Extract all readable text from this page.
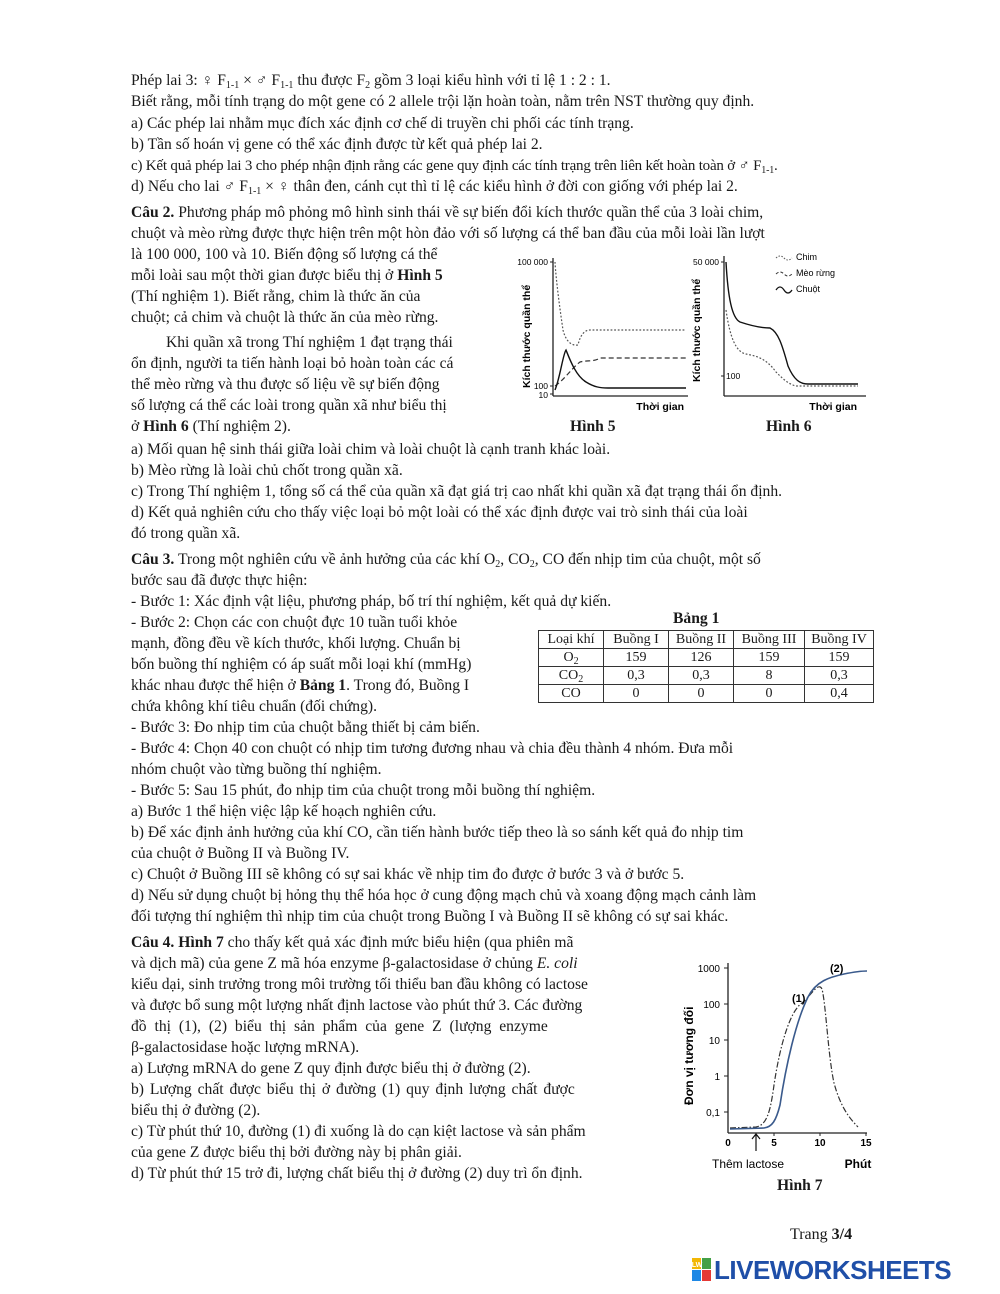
Phép lai 3: ♀ $F_{1-1}$ × ♂ $F_{1-1}$ thu được $F_2$ gồm 3 loại kiểu hình với tỉ lệ 1 : 2 : 1.
Biết rằng, mỗi tính trạng do một gene có 2 allele trội lặn hoàn toàn, nằm trên NST thường quy định.
a) Các phép lai nhằm mục đích xác định cơ chế di truyền chi phối các tính trạng.
b) Tần số hoán vị gene có thể xác định được từ kết quả phép lai 2.
c) Kết quả phép lai 3 cho phép nhận định rằng các gene quy định các tính trạng trên liên kết hoàn toàn ở ♂ $F_{1-1}$.
d) Nếu cho lai ♂ $F_{1-1}$ × ♀ thân đen, cánh cụt thì tỉ lệ các kiểu hình ở đời con giống với phép lai 2.
Câu 2. Phương pháp mô phỏng mô hình sinh thái về sự biến đổi kích thước quần thể của 3 loài chim,
chuột và mèo rừng được thực hiện trên một hòn đảo với số lượng cá thể ban đầu của mỗi loài lần lượt
là 100 000, 100 và 10. Biến động số lượng cá thể
mỗi loài sau một thời gian được biểu thị ở Hình 5
(Thí nghiệm 1). Biết rằng, chim là thức ăn của
chuột; cả chim và chuột là thức ăn của mèo rừng.
Khi quần xã trong Thí nghiệm 1 đạt trạng thái
ổn định, người ta tiến hành loại bỏ hoàn toàn các cá
thể mèo rừng và thu được số liệu về sự biến động
số lượng cá thể các loài trong quần xã như biểu thị
ở Hình 6 (Thí nghiệm 2).
100 000
100
10
Kích thước quần thể
Thời gian
Hình 5
50 000
100
Kích thước quần thể
Thời gian
Chim
Mèo rừng
Chuột
Hình 6
a) Mối quan hệ sinh thái giữa loài chim và loài chuột là cạnh tranh khác loài.
b) Mèo rừng là loài chủ chốt trong quần xã.
c) Trong Thí nghiệm 1, tổng số cá thể của quần xã đạt giá trị cao nhất khi quần xã đạt trạng thái ổn định.
d) Kết quả nghiên cứu cho thấy việc loại bỏ một loài có thể xác định được vai trò sinh thái của loài
đó trong quần xã.
Câu 3. Trong một nghiên cứu về ảnh hưởng của các khí $O_2$, $CO_2$, CO đến nhịp tim của chuột, một số
bước sau đã được thực hiện:
- Bước 1: Xác định vật liệu, phương pháp, bố trí thí nghiệm, kết quả dự kiến.
- Bước 2: Chọn các con chuột đực 10 tuần tuổi khỏe
mạnh, đồng đều về kích thước, khối lượng. Chuẩn bị
bốn buồng thí nghiệm có áp suất mỗi loại khí (mmHg)
khác nhau được thể hiện ở Bảng 1. Trong đó, Buồng I
chứa không khí tiêu chuẩn (đối chứng).
Bảng 1
Loại khí	Buồng I	Buồng II	Buồng III	Buồng IV
$O_2$	159	126	159	159
$CO_2$	0,3	0,3	8	0,3
CO	0	0	0	0,4
- Bước 3: Đo nhịp tim của chuột bằng thiết bị cảm biến.
- Bước 4: Chọn 40 con chuột có nhịp tim tương đương nhau và chia đều thành 4 nhóm. Đưa mỗi
nhóm chuột vào từng buồng thí nghiệm.
- Bước 5: Sau 15 phút, đo nhịp tim của chuột trong mỗi buồng thí nghiệm.
a) Bước 1 thể hiện việc lập kế hoạch nghiên cứu.
b) Để xác định ảnh hưởng của khí CO, cần tiến hành bước tiếp theo là so sánh kết quả đo nhịp tim
của chuột ở Buồng II và Buồng IV.
c) Chuột ở Buồng III sẽ không có sự sai khác về nhịp tim đo được ở bước 3 và ở bước 5.
d) Nếu sử dụng chuột bị hỏng thụ thể hóa học ở cung động mạch chủ và xoang động mạch cảnh làm
đối tượng thí nghiệm thì nhịp tim của chuột trong Buồng I và Buồng II sẽ không có sự sai khác.
Câu 4. Hình 7 cho thấy kết quả xác định mức biểu hiện (qua phiên mã
và dịch mã) của gene Z mã hóa enzyme β-galactosidase ở chủng E. coli
kiểu dại, sinh trưởng trong môi trường tối thiểu ban đầu không có lactose
và được bổ sung một lượng nhất định lactose vào phút thứ 3. Các đường
đồ thị (1), (2) biểu thị sản phẩm của gene Z (lượng enzyme
β-galactosidase hoặc lượng mRNA).
a) Lượng mRNA do gene Z quy định được biểu thị ở đường (2).
b) Lượng chất được biểu thị ở đường (1) quy định lượng chất được
biểu thị ở đường (2).
c) Từ phút thứ 10, đường (1) đi xuống là do cạn kiệt lactose và sản phẩm
của gene Z được biểu thị bởi đường này bị phân giải.
d) Từ phút thứ 15 trở đi, lượng chất biểu thị ở đường (2) duy trì ổn định.
1000
100
10
1
0,1
Đơn vị tương đối
0	5	10	15
Thêm lactose	Phút
(1)
(2)
Hình 7
Trang 3/4
LW LIVEWORKSHEETS
